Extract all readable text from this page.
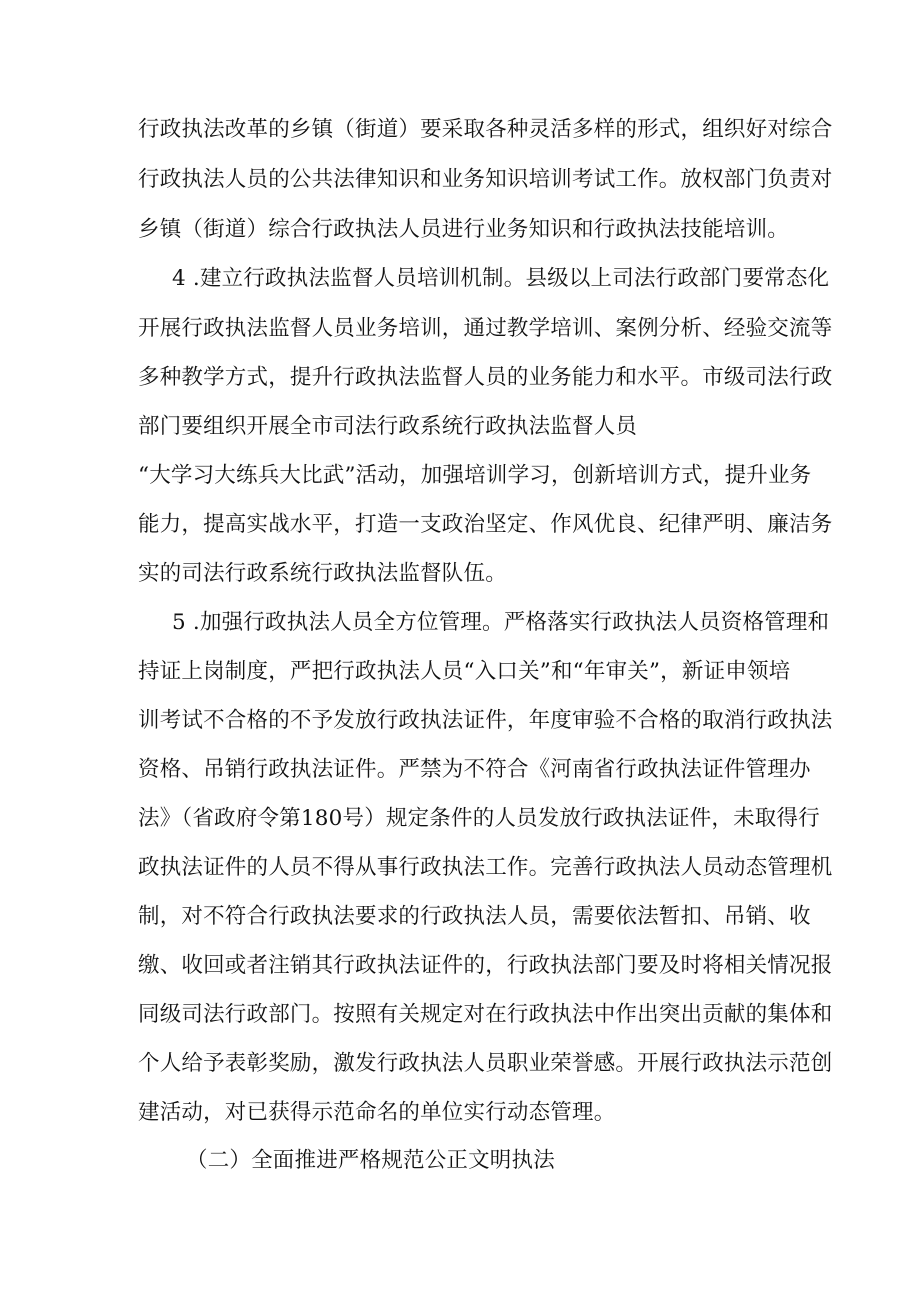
行政执法改革的乡镇（街道）要采取各种灵活多样的形式，组织好对综合
行政执法人员的公共法律知识和业务知识培训考试工作。放权部门负责对
乡镇（街道）综合行政执法人员进行业务知识和行政执法技能培训。
4 .建立行政执法监督人员培训机制。县级以上司法行政部门要常态化
开展行政执法监督人员业务培训，通过教学培训、案例分析、经验交流等
多种教学方式，提升行政执法监督人员的业务能力和水平。市级司法行政
部门要组织开展全市司法行政系统行政执法监督人员
“大学习大练兵大比武”活动，加强培训学习，创新培训方式，提升业务
能力，提高实战水平，打造一支政治坚定、作风优良、纪律严明、廉洁务
实的司法行政系统行政执法监督队伍。
5 .加强行政执法人员全方位管理。严格落实行政执法人员资格管理和
持证上岗制度，严把行政执法人员“入口关”和“年审关”，新证申领培
训考试不合格的不予发放行政执法证件，年度审验不合格的取消行政执法
资格、吊销行政执法证件。严禁为不符合《河南省行政执法证件管理办
法》（省政府令第180号）规定条件的人员发放行政执法证件，未取得行
政执法证件的人员不得从事行政执法工作。完善行政执法人员动态管理机
制，对不符合行政执法要求的行政执法人员，需要依法暂扣、吊销、收
缴、收回或者注销其行政执法证件的，行政执法部门要及时将相关情况报
同级司法行政部门。按照有关规定对在行政执法中作出突出贡献的集体和
个人给予表彰奖励，激发行政执法人员职业荣誉感。开展行政执法示范创
建活动，对已获得示范命名的单位实行动态管理。
（二）全面推进严格规范公正文明执法
